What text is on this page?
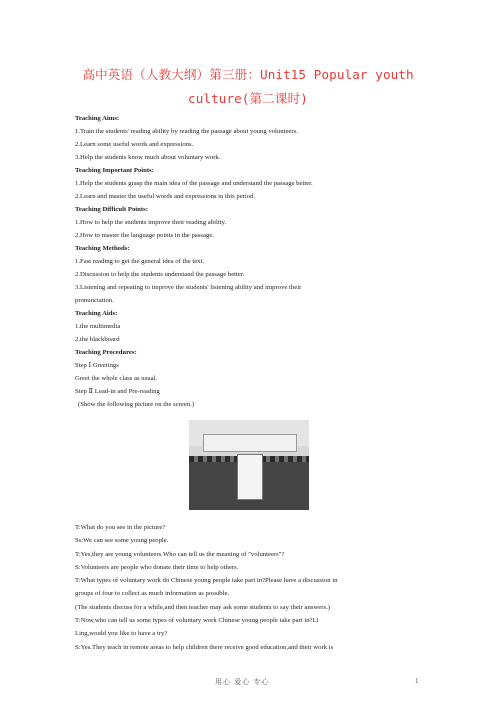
高中英语（人教大纲）第三册：Unit15 Popular youth
culture(第二课时)
Teaching Aims:
1.Train the students' reading ability by reading the passage about young volunteers.
2.Learn some useful words and expressions.
3.Help the students know much about voluntary work.
Teaching Important Points:
1.Help the students grasp the main idea of the passage and understand the passage better.
2.Learn and master the useful words and expressions in this period.
Teaching Difficult Points:
1.How to help the students improve their reading ability.
2.How to master the language points in the passage.
Teaching Methods:
1.Fast reading to get the general idea of the text.
2.Discussion to help the students understand the passage better.
3.Listening and repeating to improve the students' listening ability and improve their
pronunciation.
Teaching Aids:
1.the multimedia
2.the blackboard
Teaching Procedures:
Step Ⅰ Greetings
Greet the whole class as usual.
Step Ⅱ Lead-in and Pre-reading
(Show the following picture on the screen.)
T:What do you see in the picture?
Ss:We can see some young people.
T:Yes,they are young volunteers.Who can tell us the meaning of "volunteers"?
S:Volunteers are people who donate their time to help others.
T:What types of voluntary work do Chinese young people take part in?Please have a discussion in
groups of four to collect as much information as possible.
(The students discuss for a while,and then teacher may ask some students to say their answers.)
T:Now,who can tell us some types of voluntary work Chinese young people take part in?Li
Ling,would you like to have a try?
S:Yes.They teach in remote areas to help children there receive good education,and their work is
用心 爱心 专心	1
